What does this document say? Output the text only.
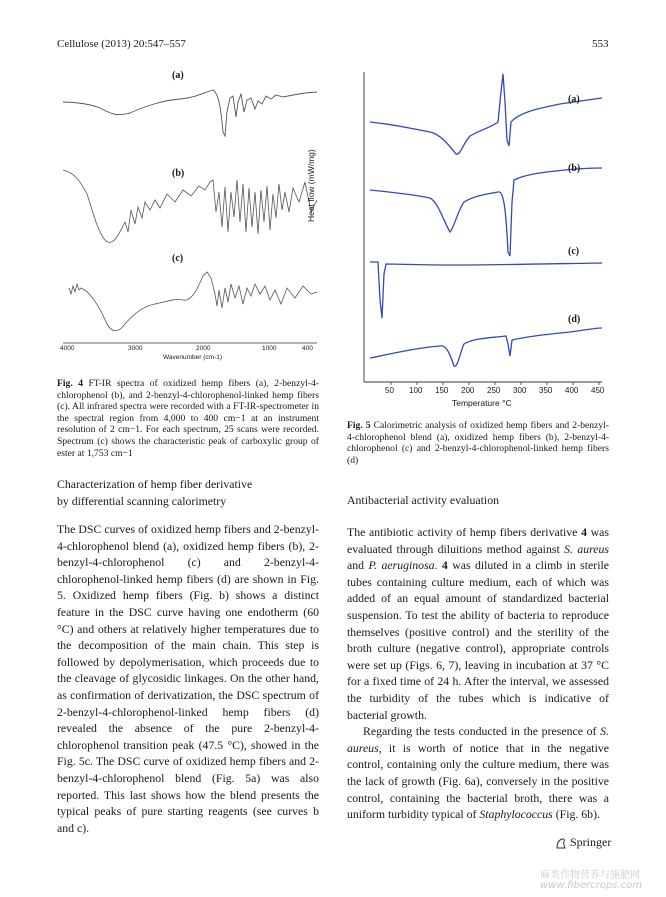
Cellulose (2013) 20:547–557	553
(a)
(b)
(c)
4000	3000	2000	1000	400
Wavenumber (cm-1)
Fig. 4 FT-IR spectra of oxidized hemp fibers (a), 2-benzyl-4-chlorophenol (b), and 2-benzyl-4-chlorophenol-linked hemp fibers (c). All infrared spectra were recorded with a FT-IR-spectrometer in the spectral region from 4,000 to 400 cm−1 at an instrument resolution of 2 cm−1. For each spectrum, 25 scans were recorded. Spectrum (c) shows the characteristic peak of carboxylic group of ester at 1,753 cm−1
Heat flow (mW/mg)
(a)
(b)
(c)
(d)
50 100 150 200 250 300 350 400 450
Temperature °C
Fig. 5 Calorimetric analysis of oxidized hemp fibers and 2-benzyl-4-chlorophenol blend (a), oxidized hemp fibers (b), 2-benzyl-4-chlorophenol (c) and 2-benzyl-4-chlorophenol-linked hemp fibers (d)
Characterization of hemp fiber derivative
by differential scanning calorimetry

The DSC curves of oxidized hemp fibers and 2-benzyl-4-chlorophenol blend (a), oxidized hemp fibers (b), 2-benzyl-4-chlorophenol (c) and 2-benzyl-4-chlorophenol-linked hemp fibers (d) are shown in Fig. 5. Oxidized hemp fibers (Fig. b) shows a distinct feature in the DSC curve having one endotherm (60 °C) and others at relatively higher temperatures due to the decomposition of the main chain. This step is followed by depolymerisation, which proceeds due to the cleavage of glycosidic linkages. On the other hand, as confirmation of derivatization, the DSC spectrum of 2-benzyl-4-chlorophenol-linked hemp fibers (d) revealed the absence of the pure 2-benzyl-4-chlorophenol transition peak (47.5 °C), showed in the Fig. 5c. The DSC curve of oxidized hemp fibers and 2-benzyl-4-chlorophenol blend (Fig. 5a) was also reported. This last shows how the blend presents the typical peaks of pure starting reagents (see curves b and c).

Antibacterial activity evaluation

The antibiotic activity of hemp fibers derivative 4 was evaluated through diluitions method against S. aureus and P. aeruginosa. 4 was diluted in a climb in sterile tubes containing culture medium, each of which was added of an equal amount of standardized bacterial suspension. To test the ability of bacteria to reproduce themselves (positive control) and the sterility of the broth culture (negative control), appropriate controls were set up (Figs. 6, 7), leaving in incubation at 37 °C for a fixed time of 24 h. After the interval, we assessed the turbidity of the tubes which is indicative of bacterial growth.

Regarding the tests conducted in the presence of S. aureus, it is worth of notice that in the negative control, containing only the culture medium, there was the lack of growth (Fig. 6a), conversely in the positive control, containing the bacterial broth, there was a uniform turbidity typical of Staphylococcus (Fig. 6b).

Springer
麻类作物营养与施肥网
www.fibercrops.com
